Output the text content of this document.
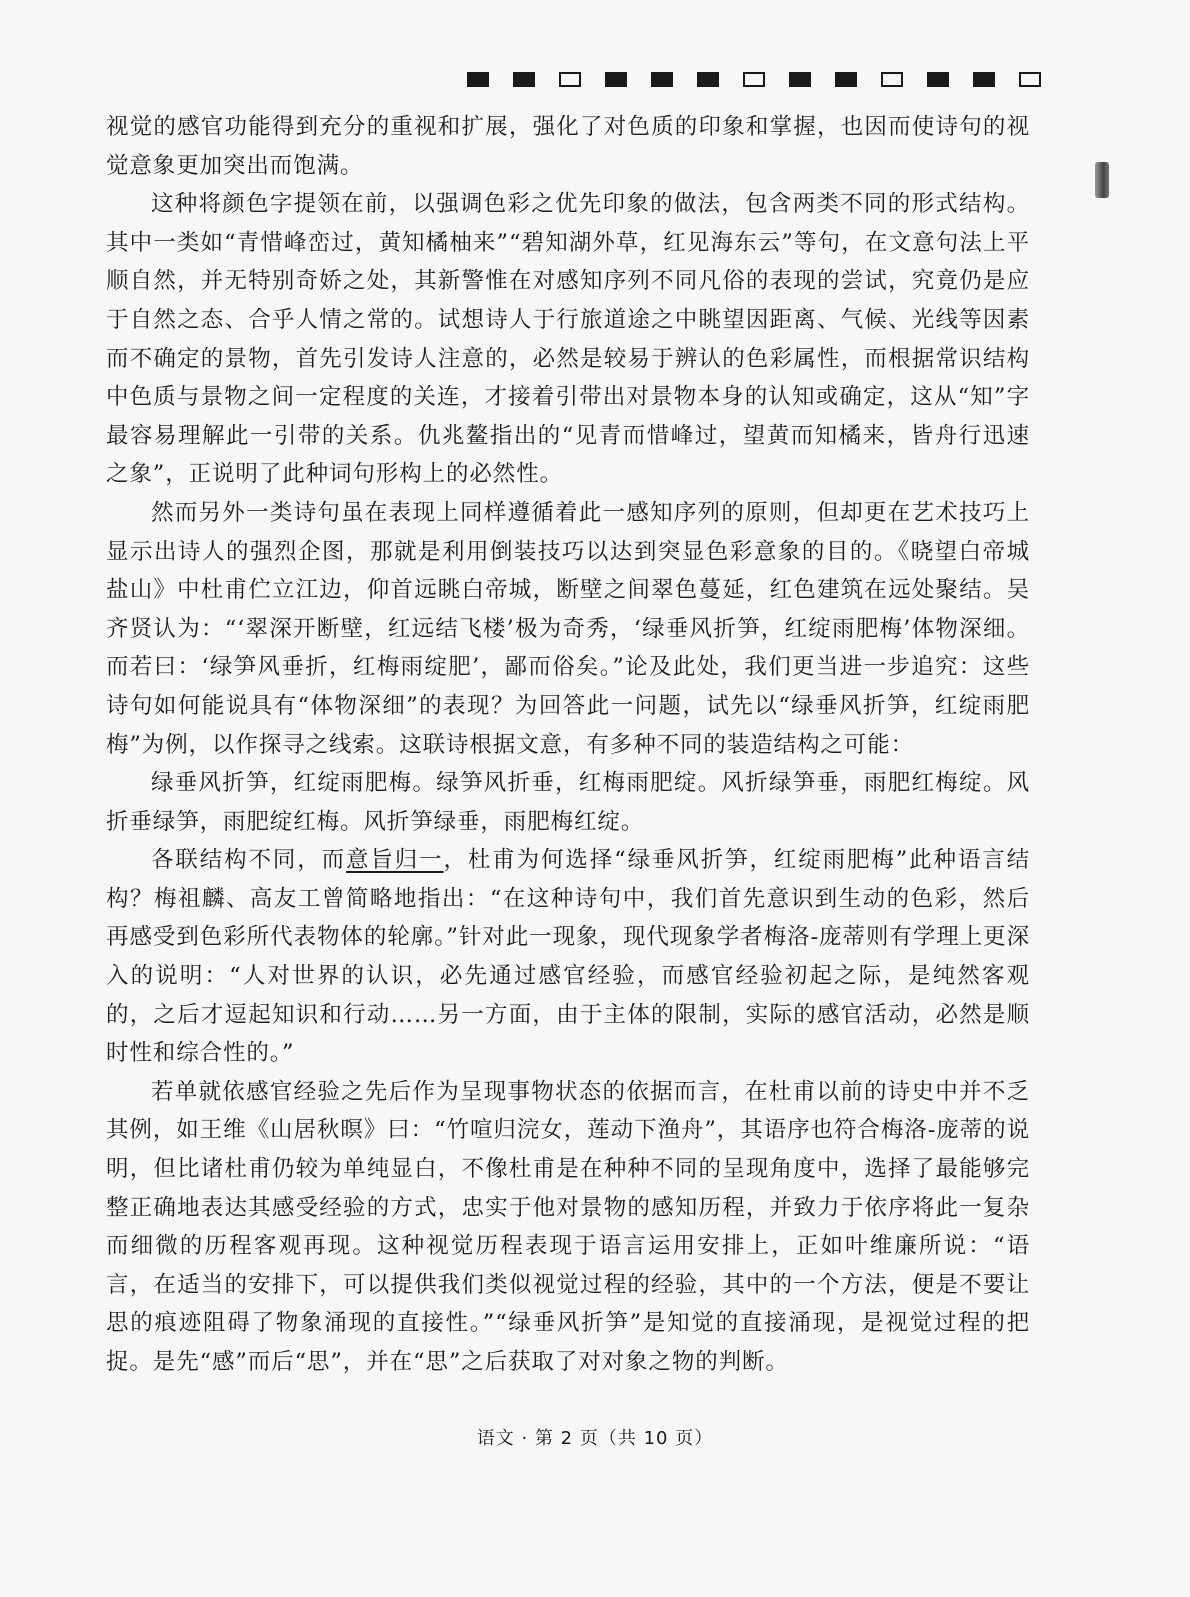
视觉的感官功能得到充分的重视和扩展，强化了对色质的印象和掌握，也因而使诗句的视觉意象更加突出而饱满。

这种将颜色字提领在前，以强调色彩之优先印象的做法，包含两类不同的形式结构。其中一类如“青惜峰峦过，黄知橘柚来”“碧知湖外草，红见海东云”等句，在文意句法上平顺自然，并无特别奇娇之处，其新警惟在对感知序列不同凡俗的表现的尝试，究竟仍是应于自然之态、合乎人情之常的。试想诗人于行旅道途之中眺望因距离、气候、光线等因素而不确定的景物，首先引发诗人注意的，必然是较易于辨认的色彩属性，而根据常识结构中色质与景物之间一定程度的关连，才接着引带出对景物本身的认知或确定，这从“知”字最容易理解此一引带的关系。仇兆鳌指出的“见青而惜峰过，望黄而知橘来，皆舟行迅速之象”，正说明了此种词句形构上的必然性。

然而另外一类诗句虽在表现上同样遵循着此一感知序列的原则，但却更在艺术技巧上显示出诗人的强烈企图，那就是利用倒装技巧以达到突显色彩意象的目的。《晓望白帝城盐山》中杜甫伫立江边，仰首远眺白帝城，断壁之间翠色蔓延，红色建筑在远处聚结。吴齐贤认为：“‘翠深开断壁，红远结飞楼’极为奇秀，‘绿垂风折笋，红绽雨肥梅’体物深细。而若曰：‘绿笋风垂折，红梅雨绽肥’，鄙而俗矣。”论及此处，我们更当进一步追究：这些诗句如何能说具有“体物深细”的表现？为回答此一问题，试先以“绿垂风折笋，红绽雨肥梅”为例，以作探寻之线索。这联诗根据文意，有多种不同的装造结构之可能：

绿垂风折笋，红绽雨肥梅。绿笋风折垂，红梅雨肥绽。风折绿笋垂，雨肥红梅绽。风折垂绿笋，雨肥绽红梅。风折笋绿垂，雨肥梅红绽。

各联结构不同，而意旨归一，杜甫为何选择“绿垂风折笋，红绽雨肥梅”此种语言结构？梅祖麟、高友工曾简略地指出：“在这种诗句中，我们首先意识到生动的色彩，然后再感受到色彩所代表物体的轮廓。”针对此一现象，现代现象学者梅洛-庞蒂则有学理上更深入的说明：“人对世界的认识，必先通过感官经验，而感官经验初起之际，是纯然客观的，之后才逗起知识和行动……另一方面，由于主体的限制，实际的感官活动，必然是顺时性和综合性的。”

若单就依感官经验之先后作为呈现事物状态的依据而言，在杜甫以前的诗史中并不乏其例，如王维《山居秋暝》曰：“竹喧归浣女，莲动下渔舟”，其语序也符合梅洛-庞蒂的说明，但比诸杜甫仍较为单纯显白，不像杜甫是在种种不同的呈现角度中，选择了最能够完整正确地表达其感受经验的方式，忠实于他对景物的感知历程，并致力于依序将此一复杂而细微的历程客观再现。这种视觉历程表现于语言运用安排上，正如叶维廉所说：“语言，在适当的安排下，可以提供我们类似视觉过程的经验，其中的一个方法，便是不要让思的痕迹阻碍了物象涌现的直接性。”“绿垂风折笋”是知觉的直接涌现，是视觉过程的把捉。是先“感”而后“思”，并在“思”之后获取了对对象之物的判断。

语文 · 第 2 页（共 10 页）
